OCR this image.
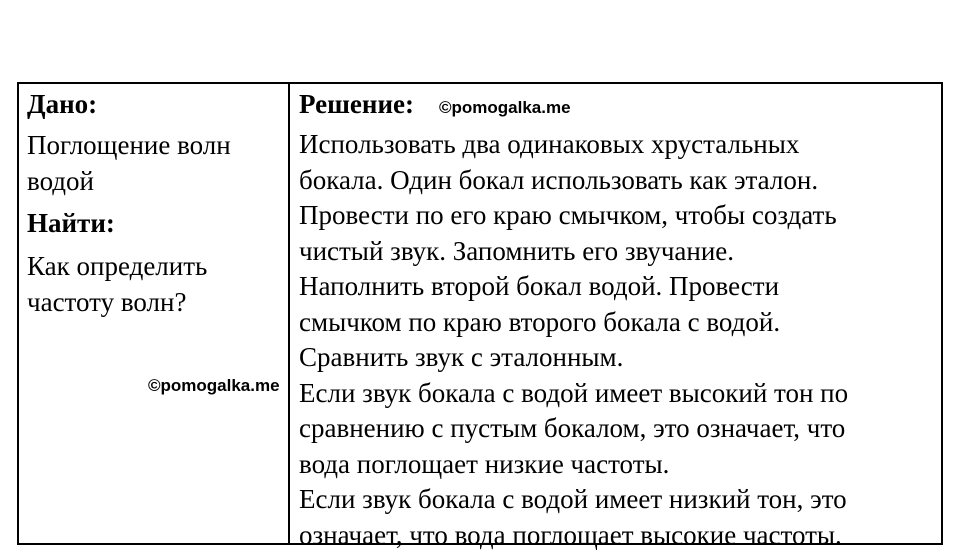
Дано:
Поглощение волн
водой
Найти:
Как определить
частоту волн?
Решение: ©pomogalka.me
Использовать два одинаковых хрустальных
бокала. Один бокал использовать как эталон.
Провести по его краю смычком, чтобы создать
чистый звук. Запомнить его звучание.
Наполнить второй бокал водой. Провести
смычком по краю второго бокала с водой.
Сравнить звук с эталонным.
Если звук бокала с водой имеет высокий тон по
сравнению с пустым бокалом, это означает, что
вода поглощает низкие частоты.
Если звук бокала с водой имеет низкий тон, это
означает, что вода поглощает высокие частоты.
©pomogalka.me
